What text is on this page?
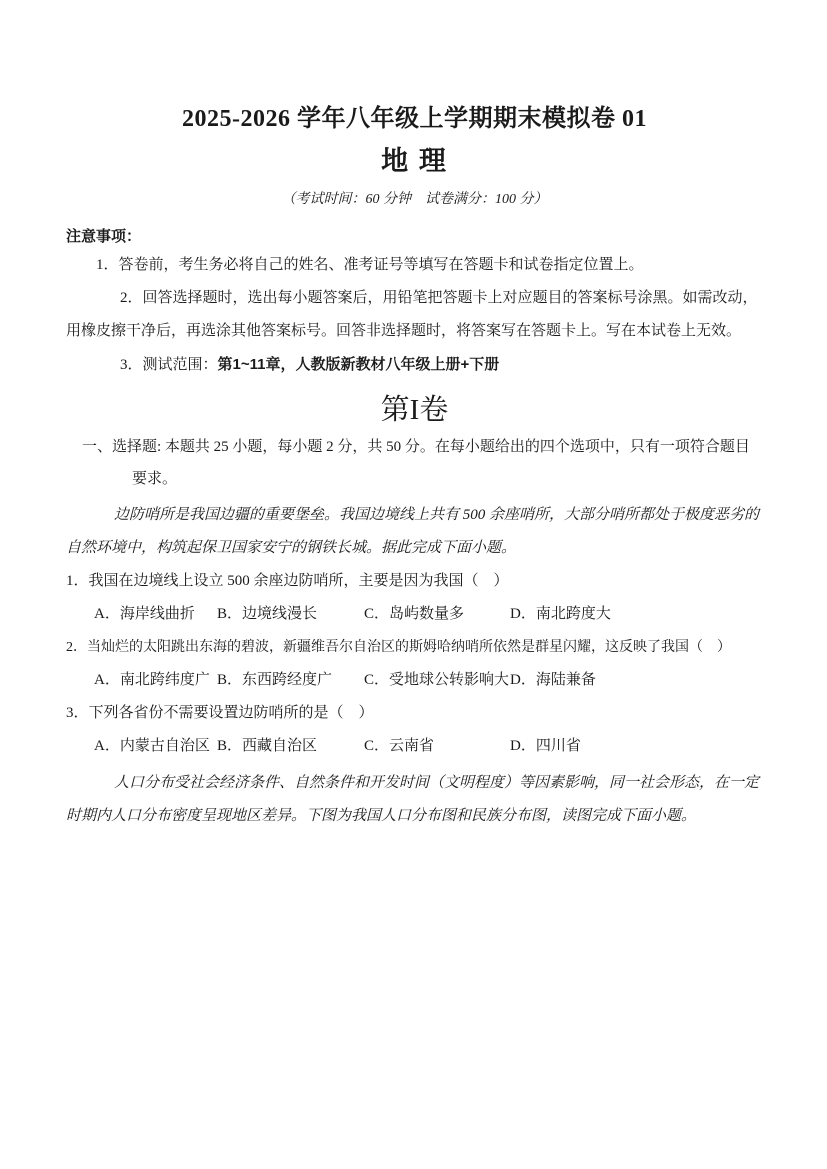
2025-2026 学年八年级上学期期末模拟卷 01
地 理

（考试时间：60 分钟　试卷满分：100 分）

注意事项：

1．答卷前，考生务必将自己的姓名、准考证号等填写在答题卡和试卷指定位置上。

2．回答选择题时，选出每小题答案后，用铅笔把答题卡上对应题目的答案标号涂黑。如需改动，用橡皮擦干净后，再选涂其他答案标号。回答非选择题时，将答案写在答题卡上。写在本试卷上无效。

3．测试范围：第1~11章，人教版新教材八年级上册+下册

第I卷

一、选择题: 本题共 25 小题，每小题 2 分，共 50 分。在每小题给出的四个选项中，只有一项符合题目要求。

边防哨所是我国边疆的重要堡垒。我国边境线上共有 500 余座哨所，大部分哨所都处于极度恶劣的自然环境中，构筑起保卫国家安宁的钢铁长城。据此完成下面小题。

1．我国在边境线上设立 500 余座边防哨所，主要是因为我国（　）

A．海岸线曲折	B．边境线漫长	C．岛屿数量多	D．南北跨度大

2．当灿烂的太阳跳出东海的碧波，新疆维吾尔自治区的斯姆哈纳哨所依然是群星闪耀，这反映了我国（　）

A．南北跨纬度广 B．东西跨经度广	C．受地球公转影响大 D．海陆兼备

3．下列各省份不需要设置边防哨所的是（　）

A．内蒙古自治区 B．西藏自治区	C．云南省	D．四川省

人口分布受社会经济条件、自然条件和开发时间（文明程度）等因素影响，同一社会形态，在一定时期内人口分布密度呈现地区差异。下图为我国人口分布图和民族分布图，读图完成下面小题。
